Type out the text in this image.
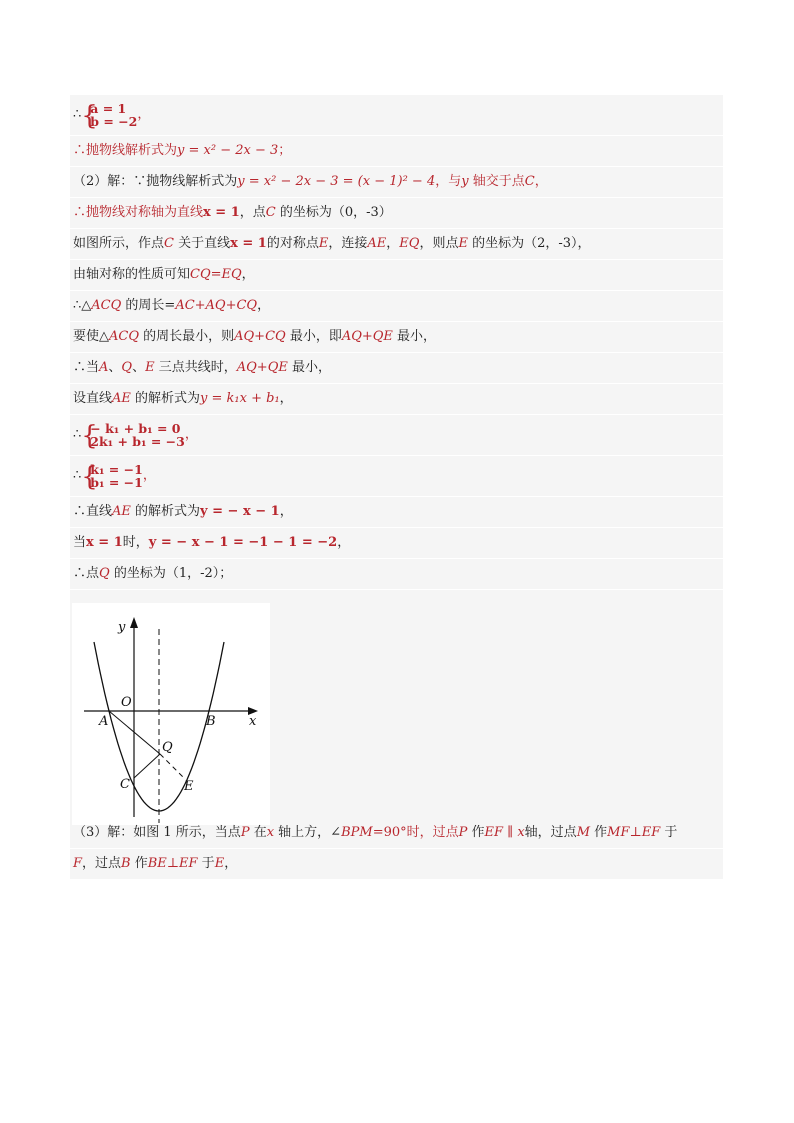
∴ {
a = 1
b = −2 ，
∴抛物线解析式为y = x² − 2x − 3；
（2）解：∵抛物线解析式为y = x² − 2x − 3 = (x − 1)² − 4，与y 轴交于点C，
∴抛物线对称轴为直线x = 1，点C 的坐标为（0，-3）
如图所示，作点C 关于直线x = 1的对称点E，连接AE，EQ，则点E 的坐标为（2，-3），
由轴对称的性质可知CQ=EQ，
∴△ACQ 的周长=AC+AQ+CQ，
要使△ACQ 的周长最小，则AQ+CQ 最小，即AQ+QE 最小，
∴当A、Q、E 三点共线时，AQ+QE 最小，
设直线AE 的解析式为y = k₁x + b₁，
∴ {
− k₁ + b₁ = 0
2k₁ + b₁ = −3 ，
∴ {
k₁ = −1
b₁ = −1 ，
∴直线AE 的解析式为y = − x − 1，
当x = 1时，y = − x − 1 = −1 − 1 = −2，
∴点Q 的坐标为（1，-2）；
y
x
O
A	B
C
Q
E
（3）解：如图 1 所示，当点P 在x 轴上方，∠BPM=90°时，过点P 作EF ∥ x轴，过点M 作MF⊥EF 于
F，过点B 作BE⊥EF 于E，
